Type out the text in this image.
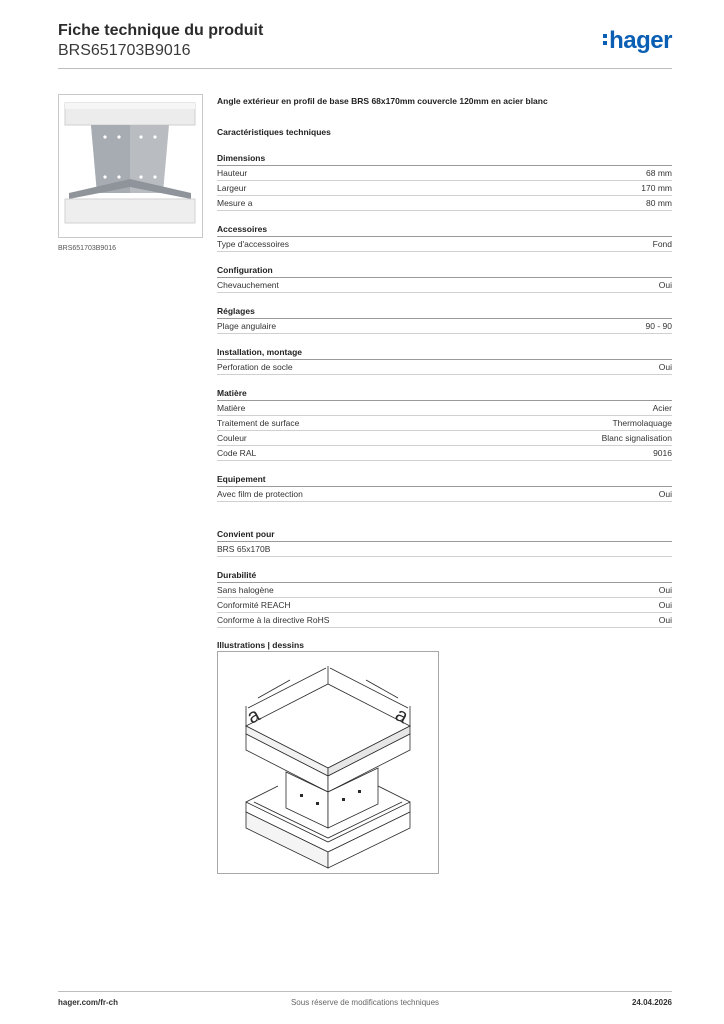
Fiche technique du produit
BRS651703B9016	hager
BRS651703B9016
Angle extérieur en profil de base BRS 68x170mm couvercle 120mm en acier blanc
Caractéristiques techniques
Dimensions
Hauteur	68 mm
Largeur	170 mm
Mesure a	80 mm
Accessoires
Type d'accessoires	Fond
Configuration
Chevauchement	Oui
Réglages
Plage angulaire	90 - 90
Installation, montage
Perforation de socle	Oui
Matière
Matière	Acier
Traitement de surface	Thermolaquage
Couleur	Blanc signalisation
Code RAL	9016
Equipement
Avec film de protection	Oui
Convient pour
BRS 65x170B
Durabilité
Sans halogène	Oui
Conformité REACH	Oui
Conforme à la directive RoHS	Oui
Illustrations | dessins
a	a
hager.com/fr-ch	Sous réserve de modifications techniques	24.04.2026
